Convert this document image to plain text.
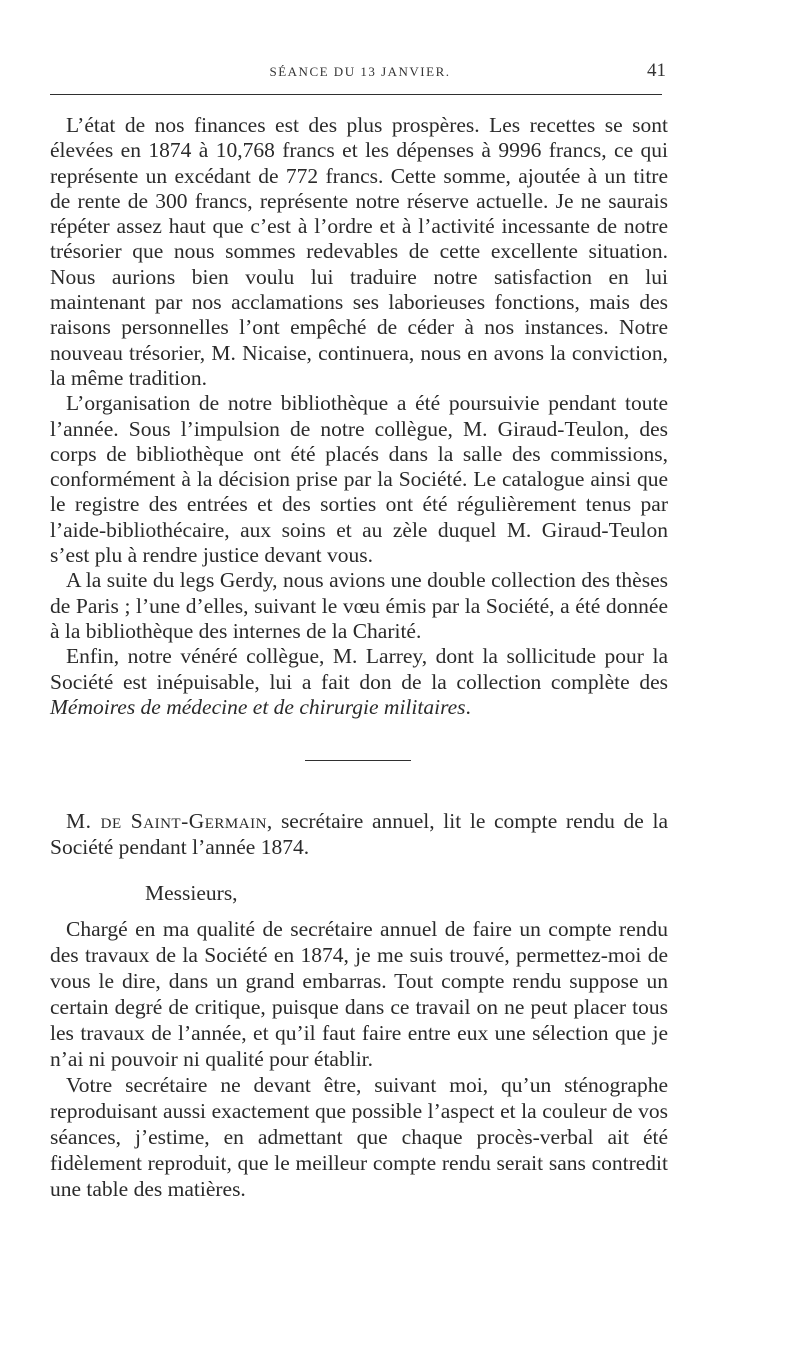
SÉANCE DU 13 JANVIER.	41

L’état de nos finances est des plus prospères. Les recettes se sont élevées en 1874 à 10,768 francs et les dépenses à 9996 francs, ce qui représente un excédant de 772 francs. Cette somme, ajoutée à un titre de rente de 300 francs, représente notre réserve actuelle. Je ne saurais répéter assez haut que c’est à l’ordre et à l’activité incessante de notre trésorier que nous sommes redevables de cette excellente situation. Nous aurions bien voulu lui traduire notre satisfaction en lui maintenant par nos acclamations ses laborieuses fonctions, mais des raisons personnelles l’ont empêché de céder à nos instances. Notre nouveau trésorier, M. Nicaise, continuera, nous en avons la conviction, la même tradition.

L’organisation de notre bibliothèque a été poursuivie pendant toute l’année. Sous l’impulsion de notre collègue, M. Giraud-Teulon, des corps de bibliothèque ont été placés dans la salle des commissions, conformément à la décision prise par la Société. Le catalogue ainsi que le registre des entrées et des sorties ont été régulièrement tenus par l’aide-bibliothécaire, aux soins et au zèle duquel M. Giraud-Teulon s’est plu à rendre justice devant vous.

A la suite du legs Gerdy, nous avions une double collection des thèses de Paris ; l’une d’elles, suivant le vœu émis par la Société, a été donnée à la bibliothèque des internes de la Charité.

Enfin, notre vénéré collègue, M. Larrey, dont la sollicitude pour la Société est inépuisable, lui a fait don de la collection complète des Mémoires de médecine et de chirurgie militaires.

M. de Saint-Germain, secrétaire annuel, lit le compte rendu de la Société pendant l’année 1874.

Messieurs,

Chargé en ma qualité de secrétaire annuel de faire un compte rendu des travaux de la Société en 1874, je me suis trouvé, permettez-moi de vous le dire, dans un grand embarras. Tout compte rendu suppose un certain degré de critique, puisque dans ce travail on ne peut placer tous les travaux de l’année, et qu’il faut faire entre eux une sélection que je n’ai ni pouvoir ni qualité pour établir.

Votre secrétaire ne devant être, suivant moi, qu’un sténographe reproduisant aussi exactement que possible l’aspect et la couleur de vos séances, j’estime, en admettant que chaque procès-verbal ait été fidèlement reproduit, que le meilleur compte rendu serait sans contredit une table des matières.
